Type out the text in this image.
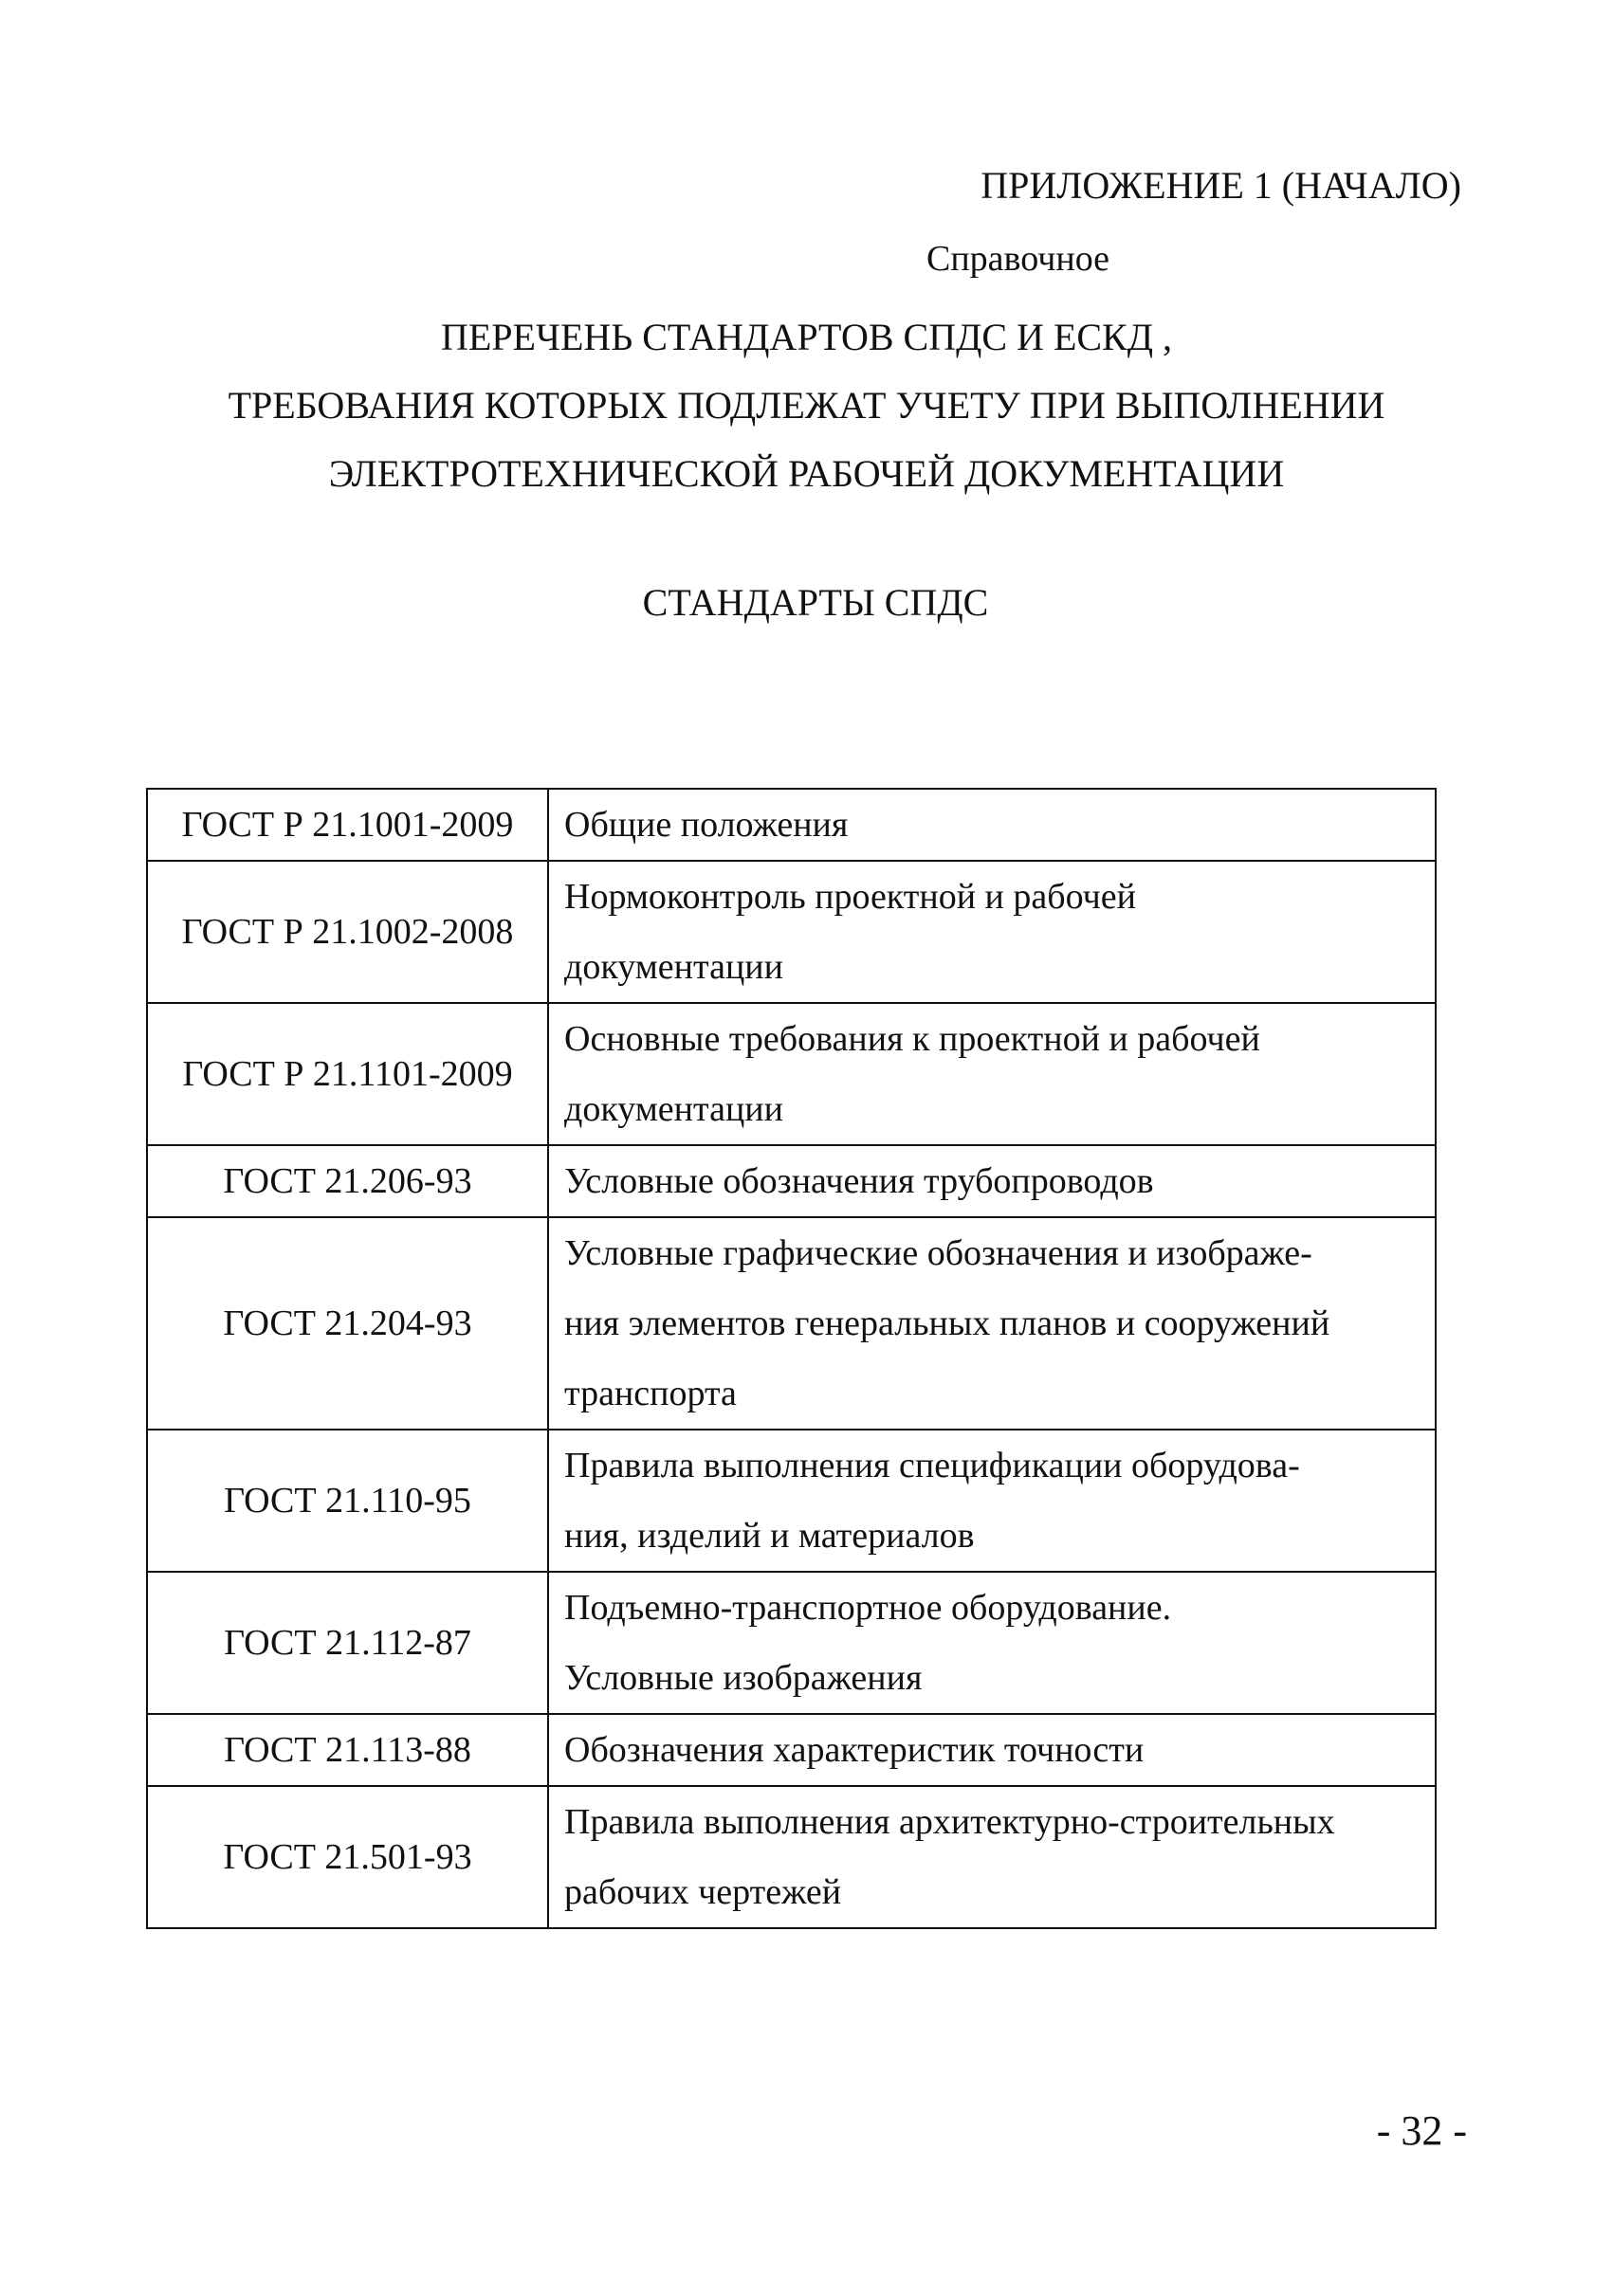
ПРИЛОЖЕНИЕ 1 (НАЧАЛО)
Справочное
ПЕРЕЧЕНЬ СТАНДАРТОВ СПДС И ЕСКД ,
ТРЕБОВАНИЯ КОТОРЫХ ПОДЛЕЖАТ УЧЕТУ ПРИ ВЫПОЛНЕНИИ
ЭЛЕКТРОТЕХНИЧЕСКОЙ РАБОЧЕЙ ДОКУМЕНТАЦИИ
СТАНДАРТЫ СПДС
ГОСТ Р 21.1001-2009	Общие положения

ГОСТ Р 21.1002-2008	Нормоконтроль проектной и рабочей
документации

ГОСТ Р 21.1101-2009	Основные требования к проектной и рабочей
документации

ГОСТ 21.206-93	Условные обозначения трубопроводов

ГОСТ 21.204-93	Условные графические обозначения и изображе-
ния элементов генеральных планов и сооружений
транспорта

ГОСТ 21.110-95	Правила выполнения спецификации оборудова-
ния, изделий и материалов

ГОСТ 21.112-87	Подъемно-транспортное оборудование.
Условные изображения

ГОСТ 21.113-88	Обозначения характеристик точности

ГОСТ 21.501-93	Правила выполнения архитектурно-строительных
рабочих чертежей
- 32 -
